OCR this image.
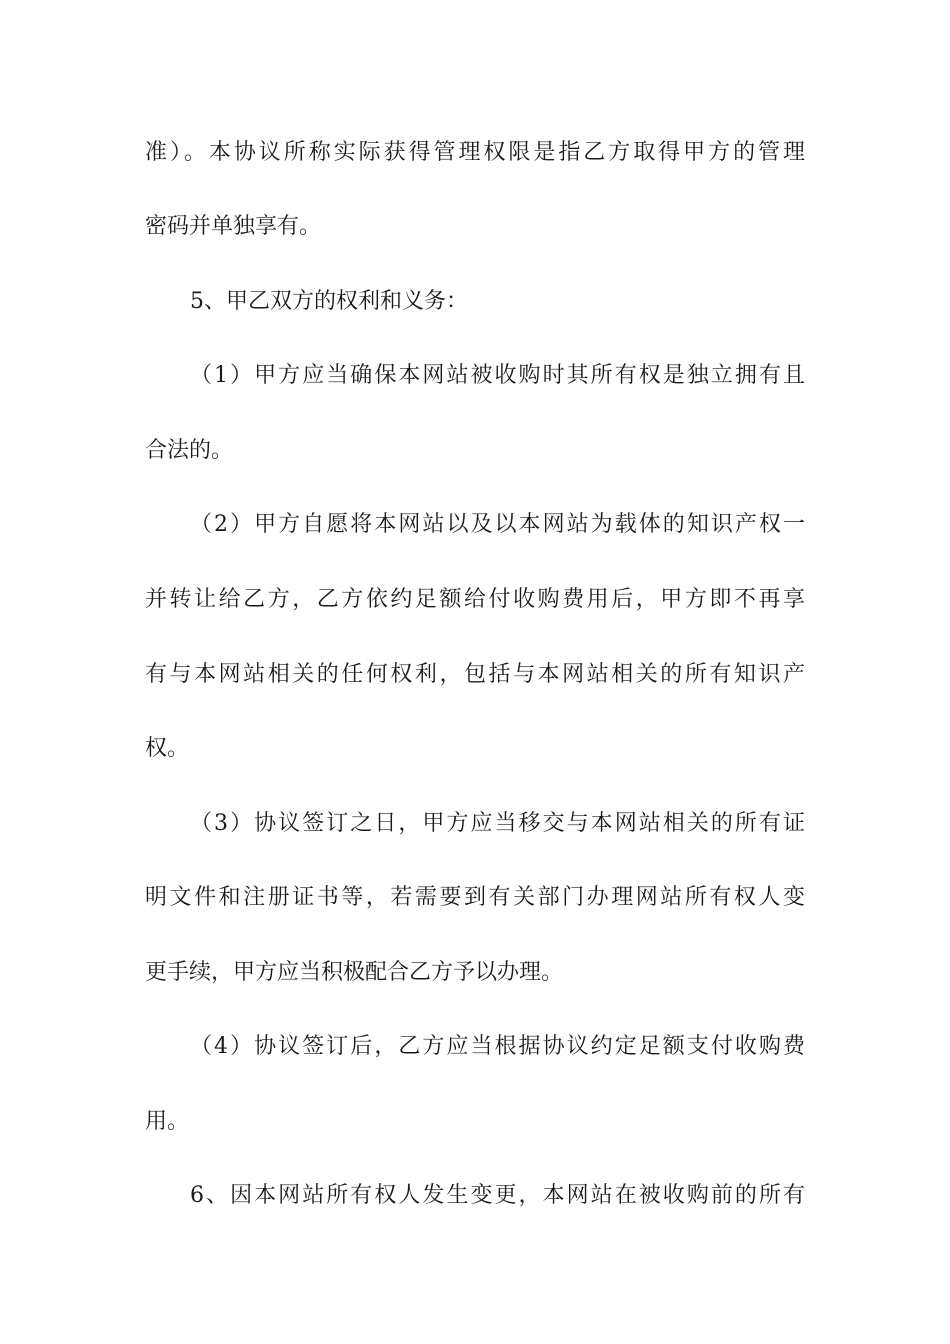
准）。本协议所称实际获得管理权限是指乙方取得甲方的管理
密码并单独享有。
5、甲乙双方的权利和义务：
（1）甲方应当确保本网站被收购时其所有权是独立拥有且
合法的。
（2）甲方自愿将本网站以及以本网站为载体的知识产权一
并转让给乙方，乙方依约足额给付收购费用后，甲方即不再享
有与本网站相关的任何权利，包括与本网站相关的所有知识产
权。
（3）协议签订之日，甲方应当移交与本网站相关的所有证
明文件和注册证书等，若需要到有关部门办理网站所有权人变
更手续，甲方应当积极配合乙方予以办理。
（4）协议签订后，乙方应当根据协议约定足额支付收购费
用。
6、因本网站所有权人发生变更，本网站在被收购前的所有
